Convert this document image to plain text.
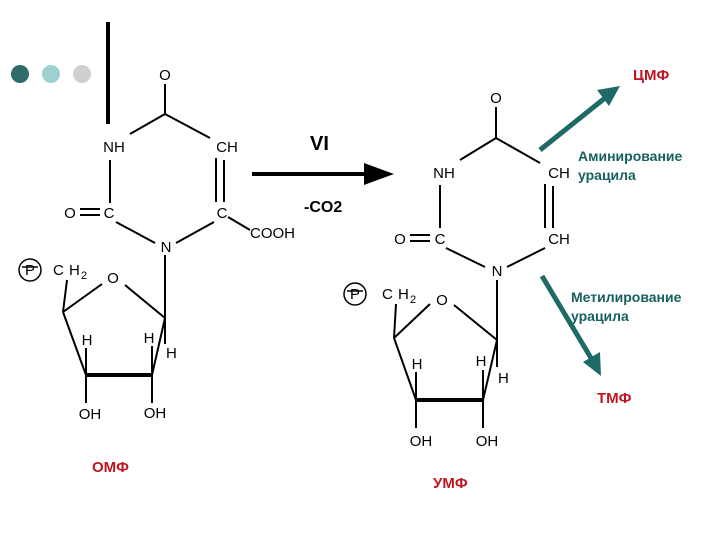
O
NH	CH
O C	C
COOH
N
P C H 2 O
H	H
H
OH	OH
ОМФ
VI
-CO2
O
NH	CH
O C	CH
N
P C H 2 O
H	H
H
OH	OH
УМФ
ЦМФ
Аминирование
урацила
ТМФ
Метилирование
урацила
